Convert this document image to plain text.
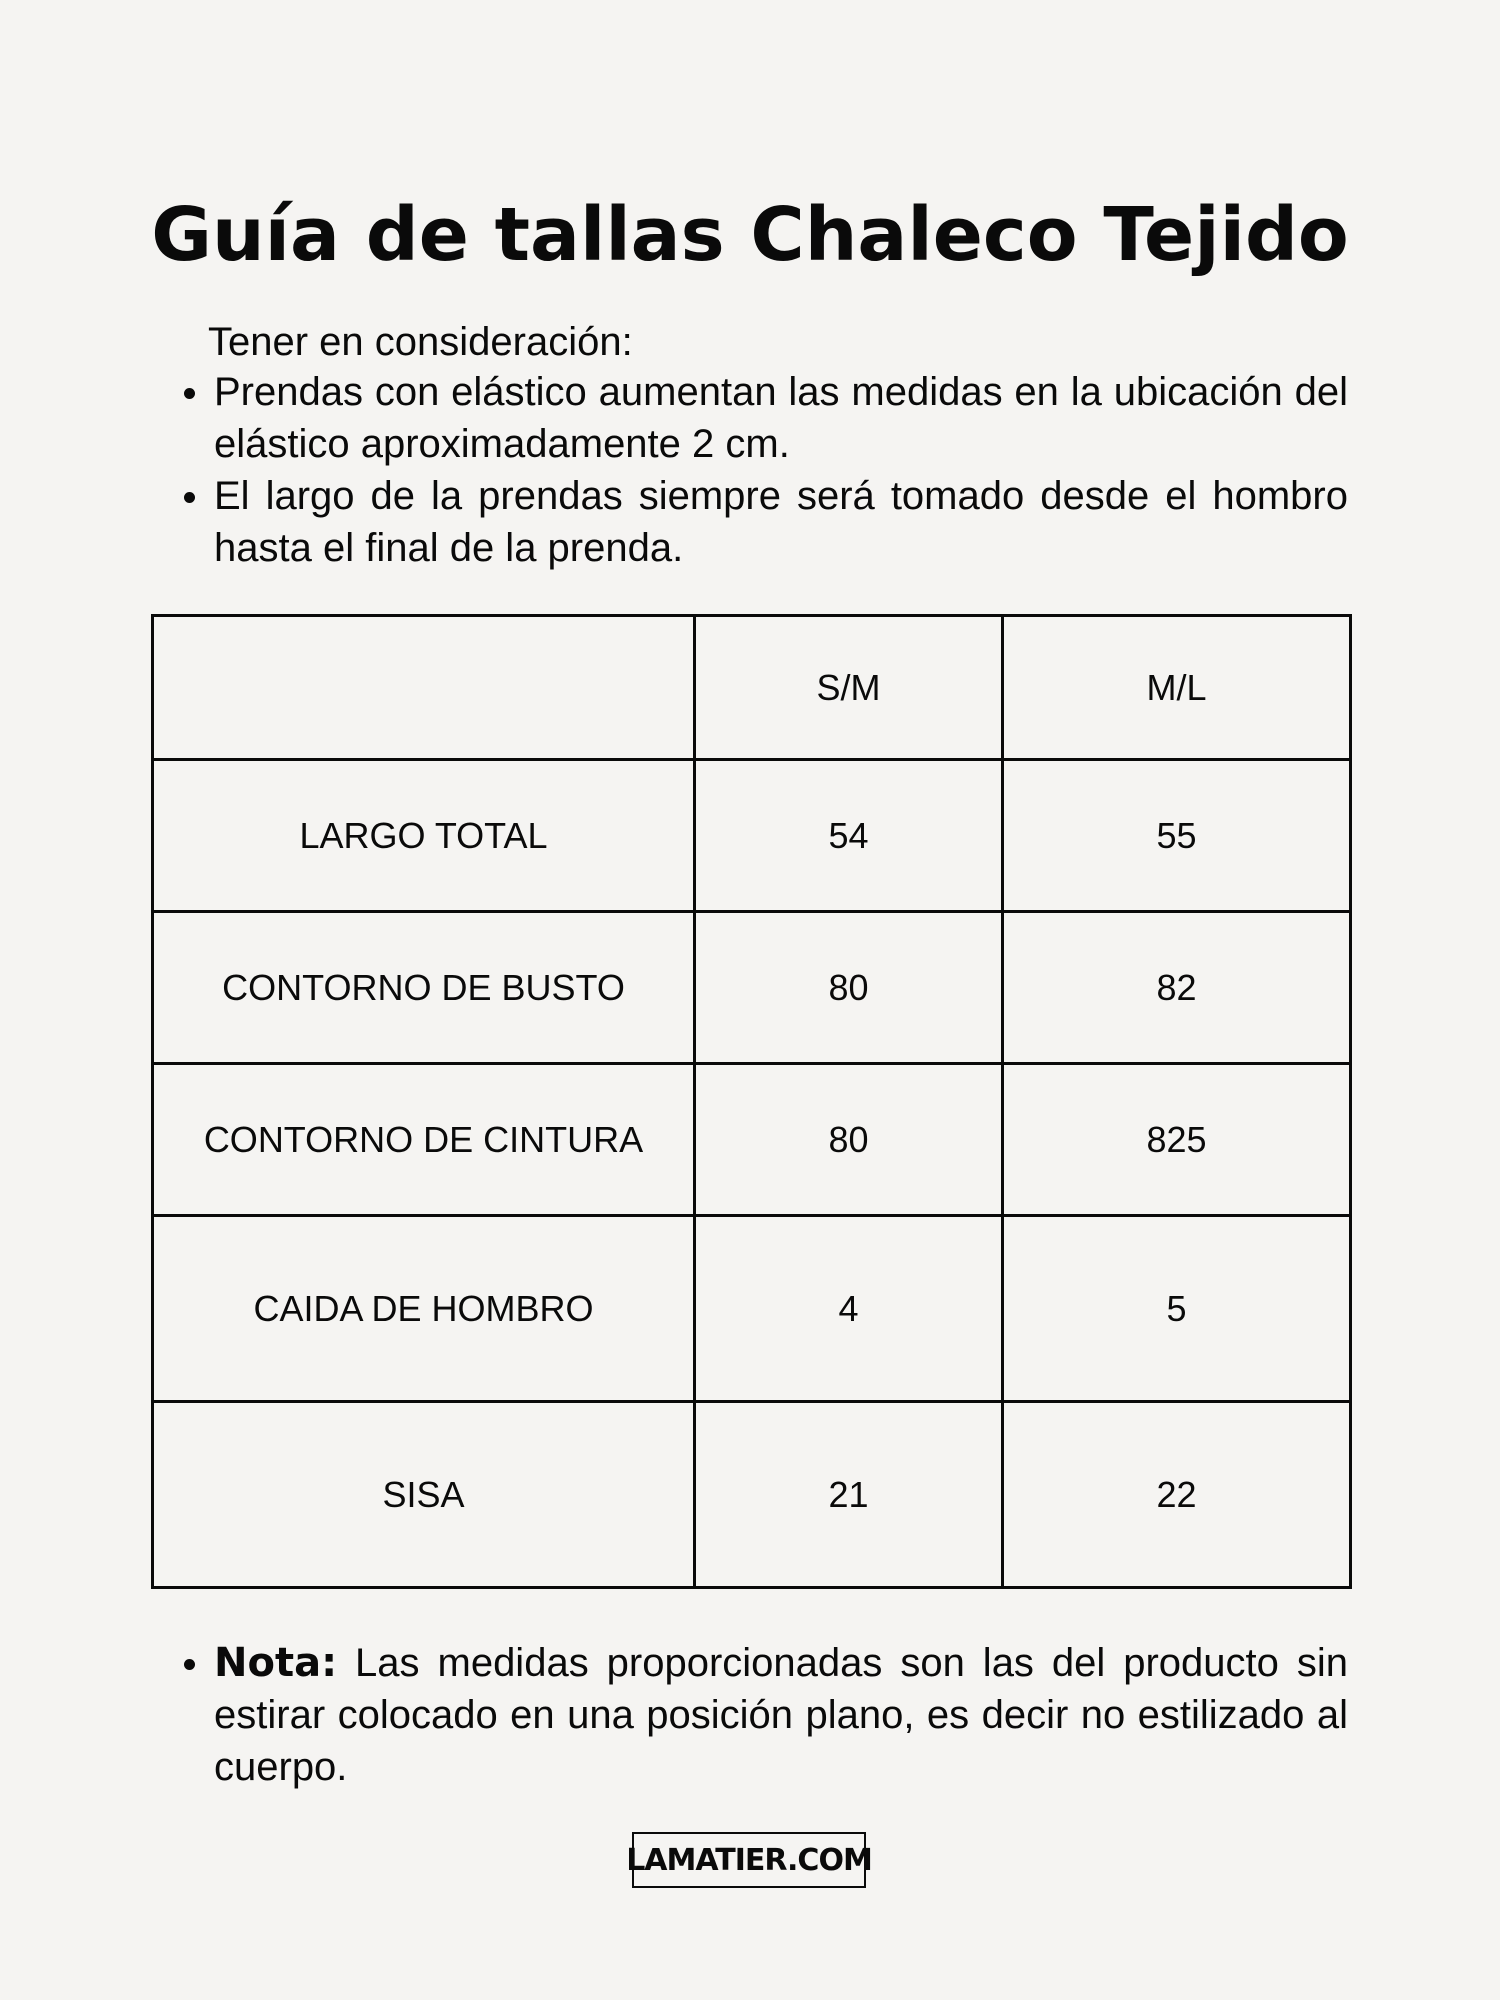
Guía de tallas Chaleco Tejido

Tener en consideración:

Prendas con elástico aumentan las medidas en la ubicación del elástico aproximadamente 2 cm.
El largo de la prendas siempre será tomado desde el hombro hasta el final de la prenda.
	S/M	M/L
LARGO TOTAL	54	55
CONTORNO DE BUSTO	80	82
CONTORNO DE CINTURA	80	825
CAIDA DE HOMBRO	4	5
SISA	21	22
Nota: Las medidas proporcionadas son las del producto sin estirar colocado en una posición plano, es decir no estilizado al cuerpo.
LAMATIER.COM
